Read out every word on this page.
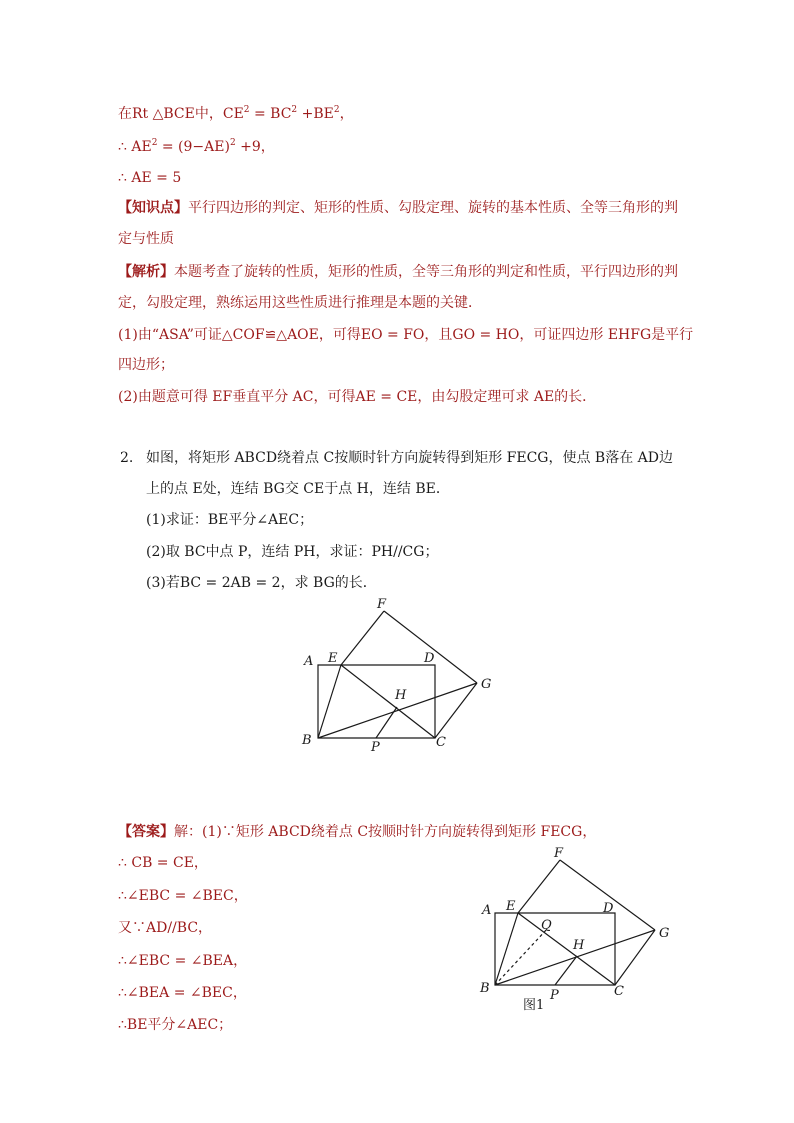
在Rt △BCE中，$CE^2 = BC^2 +BE^2$，
∴ $AE^2 = (9-AE)^2 +9$，
∴ AE = 5
【知识点】平行四边形的判定、矩形的性质、勾股定理、旋转的基本性质、全等三角形的判
定与性质
【解析】本题考查了旋转的性质，矩形的性质，全等三角形的判定和性质，平行四边形的判
定，勾股定理，熟练运用这些性质进行推理是本题的关键．
(1)由“ASA”可证△COF≌△AOE，可得EO = FO，且GO = HO，可证四边形 EHFG是平行
四边形；
(2)由题意可得 EF垂直平分 AC，可得AE = CE，由勾股定理可求 AE的长．
2. 如图，将矩形 ABCD绕着点 C按顺时针方向旋转得到矩形 FECG，使点 B落在 AD边
上的点 E处，连结 BG交 CE于点 H，连结 BE．
(1)求证：BE平分∠AEC；
(2)取 BC中点 P，连结 PH，求证：PH//CG；
(3)若BC = 2AB = 2，求 BG的长．
A E	D
F
G
H
B	P	C
【答案】解：(1)∵矩形 ABCD绕着点 C按顺时针方向旋转得到矩形 FECG，
∴ CB = CE，
∴∠EBC = ∠BEC，
又∵AD//BC，
∴∠EBC = ∠BEA，
∴∠BEA = ∠BEC，
∴BE平分∠AEC；
A E	D
F
G
Q
H
B	P	C
图1
